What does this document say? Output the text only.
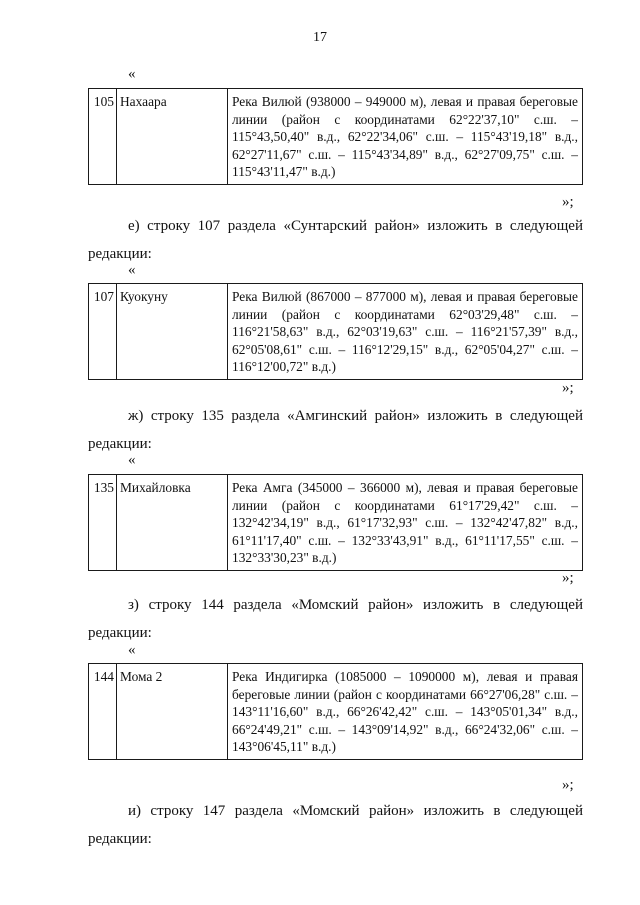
17
«
105	Нахаара	Река Вилюй (938000 – 949000 м), левая и правая береговые линии (район с координатами 62°22'37,10" с.ш. – 115°43,50,40" в.д., 62°22'34,06" с.ш. – 115°43'19,18" в.д., 62°27'11,67" с.ш. – 115°43'34,89" в.д., 62°27'09,75" с.ш. – 115°43'11,47" в.д.)
»;

е) строку 107 раздела «Сунтарский район» изложить в следующей редакции:

«
107	Куокуну	Река Вилюй (867000 – 877000 м), левая и правая береговые линии (район с координатами 62°03'29,48" с.ш. – 116°21'58,63" в.д., 62°03'19,63" с.ш. – 116°21'57,39" в.д., 62°05'08,61" с.ш. – 116°12'29,15" в.д., 62°05'04,27" с.ш. – 116°12'00,72" в.д.)
»;

ж) строку 135 раздела «Амгинский район» изложить в следующей редакции:

«
135	Михайловка	Река Амга (345000 – 366000 м), левая и правая береговые линии (район с координатами 61°17'29,42" с.ш. – 132°42'34,19" в.д., 61°17'32,93" с.ш. – 132°42'47,82" в.д., 61°11'17,40" с.ш. – 132°33'43,91" в.д., 61°11'17,55" с.ш. – 132°33'30,23" в.д.)
»;

з) строку 144 раздела «Момский район» изложить в следующей редакции:

«
144	Мома 2	Река Индигирка (1085000 – 1090000 м), левая и правая береговые линии (район с координатами 66°27'06,28" с.ш. – 143°11'16,60" в.д., 66°26'42,42" с.ш. – 143°05'01,34" в.д., 66°24'49,21" с.ш. – 143°09'14,92" в.д., 66°24'32,06" с.ш. – 143°06'45,11" в.д.)
»;

и) строку 147 раздела «Момский район» изложить в следующей редакции:
